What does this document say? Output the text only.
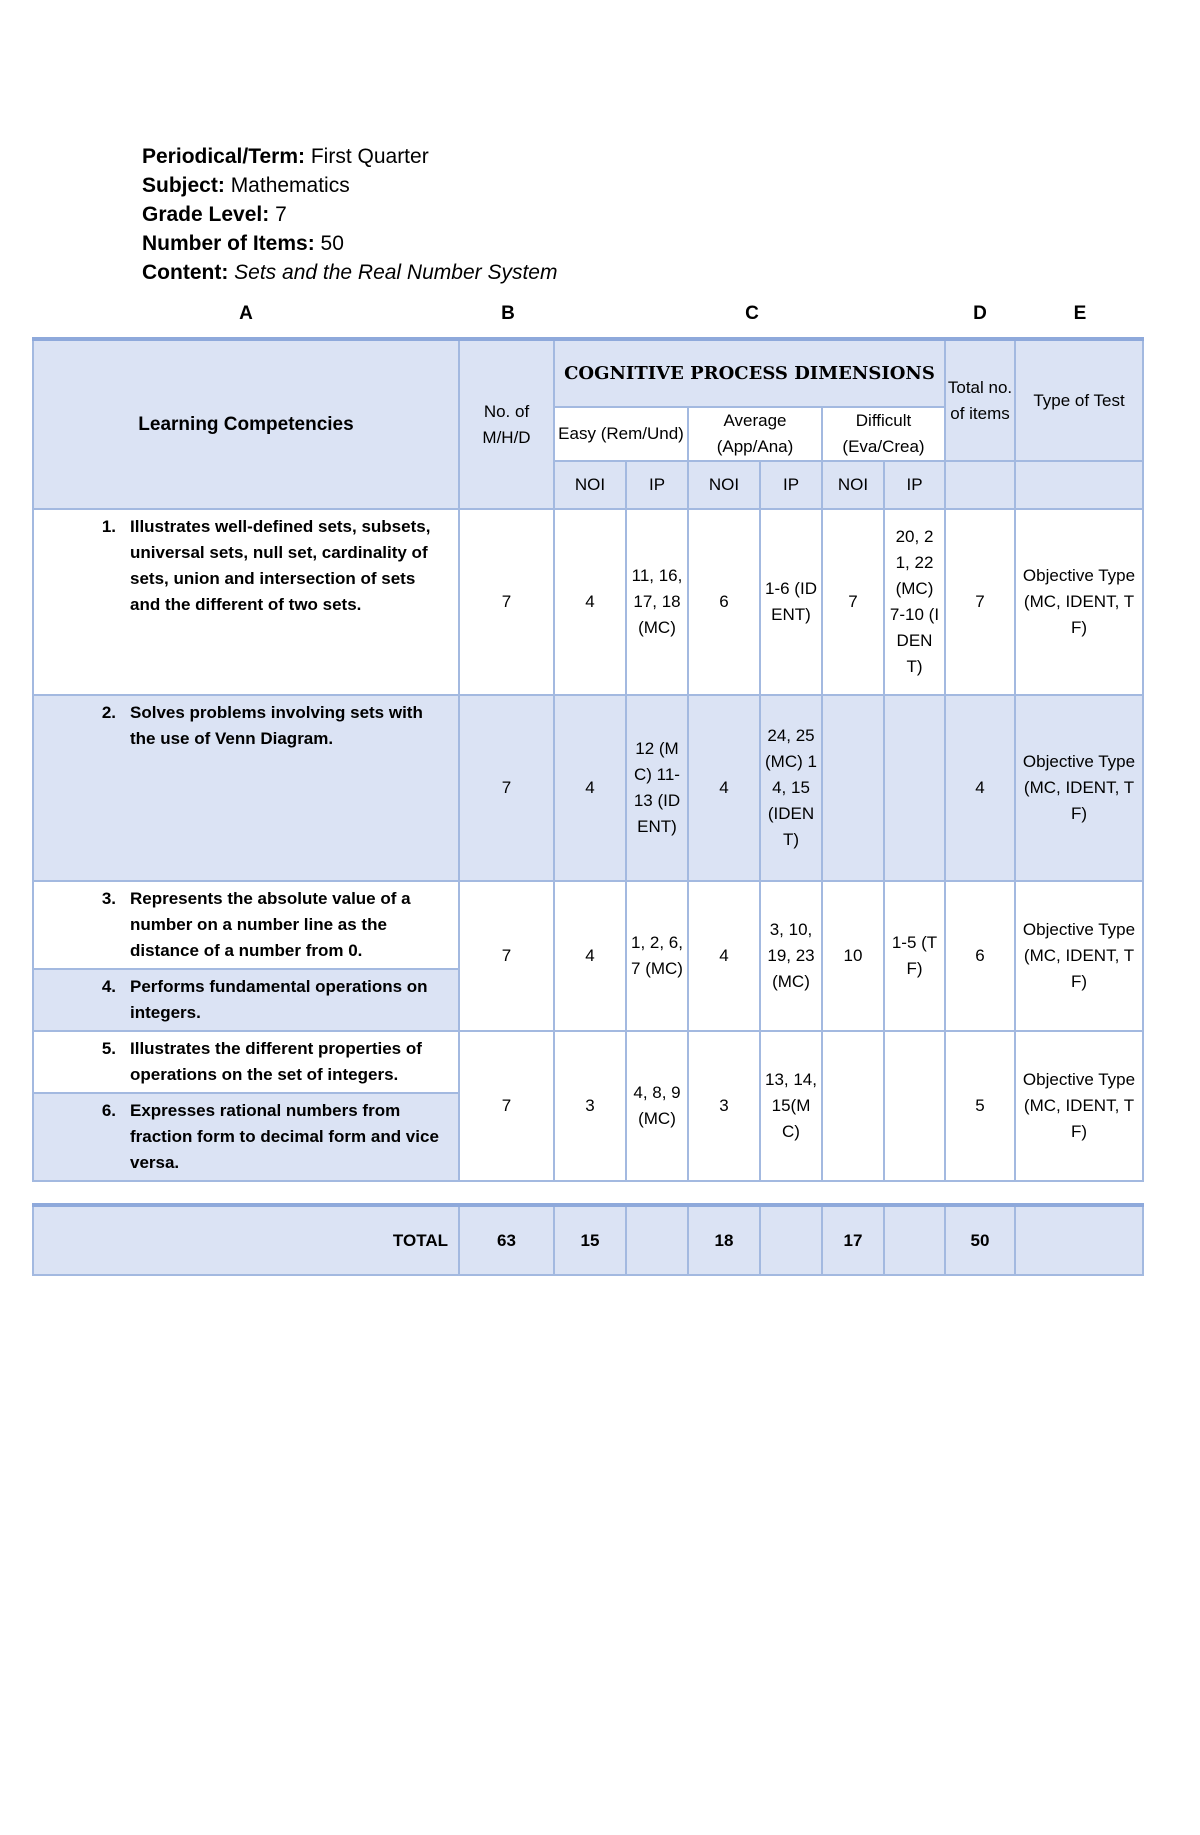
Periodical/Term: First Quarter
Subject: Mathematics
Grade Level: 7
Number of Items: 50
Content: Sets and the Real Number System
A	B	C	D	E
Learning Competencies	No. of M/H/D	COGNITIVE PROCESS DIMENSIONS						Total no. of items	Type of Test
		Easy (Rem/Und)		Average (App/Ana)		Difficult (Eva/Crea)			
		NOI	IP	NOI	IP	NOI	IP		

1. Illustrates well-defined sets, subsets, universal sets, null set, cardinality of sets, union and intersection of sets and the different of two sets.	7	4	11, 16, 17, 18 (MC)	6	1-6 (IDENT)	7	20, 21, 22(MC) 7-10 (IDENT)	7	Objective Type (MC, IDENT, TF)

2. Solves problems involving sets with the use of Venn Diagram.	7	4	12 (MC) 11-13 (IDENT)	4	24, 25(MC) 14, 15 (IDENT)			4	Objective Type (MC, IDENT, TF)

3. Represents the absolute value of a number on a number line as the distance of a number from 0.	7	4	1, 2, 6, 7 (MC)	4	3, 10, 19, 23(MC)	10	1-5 (TF)	6	Objective Type (MC, IDENT, TF)

4. Performs fundamental operations on integers.									

5. Illustrates the different properties of operations on the set of integers.	7	3	4, 8, 9 (MC)	3	13, 14, 15(MC)			5	Objective Type (MC, IDENT, TF)

6. Expresses rational numbers from fraction form to decimal form and vice versa.									

TOTAL	63	15		18		17		50	
